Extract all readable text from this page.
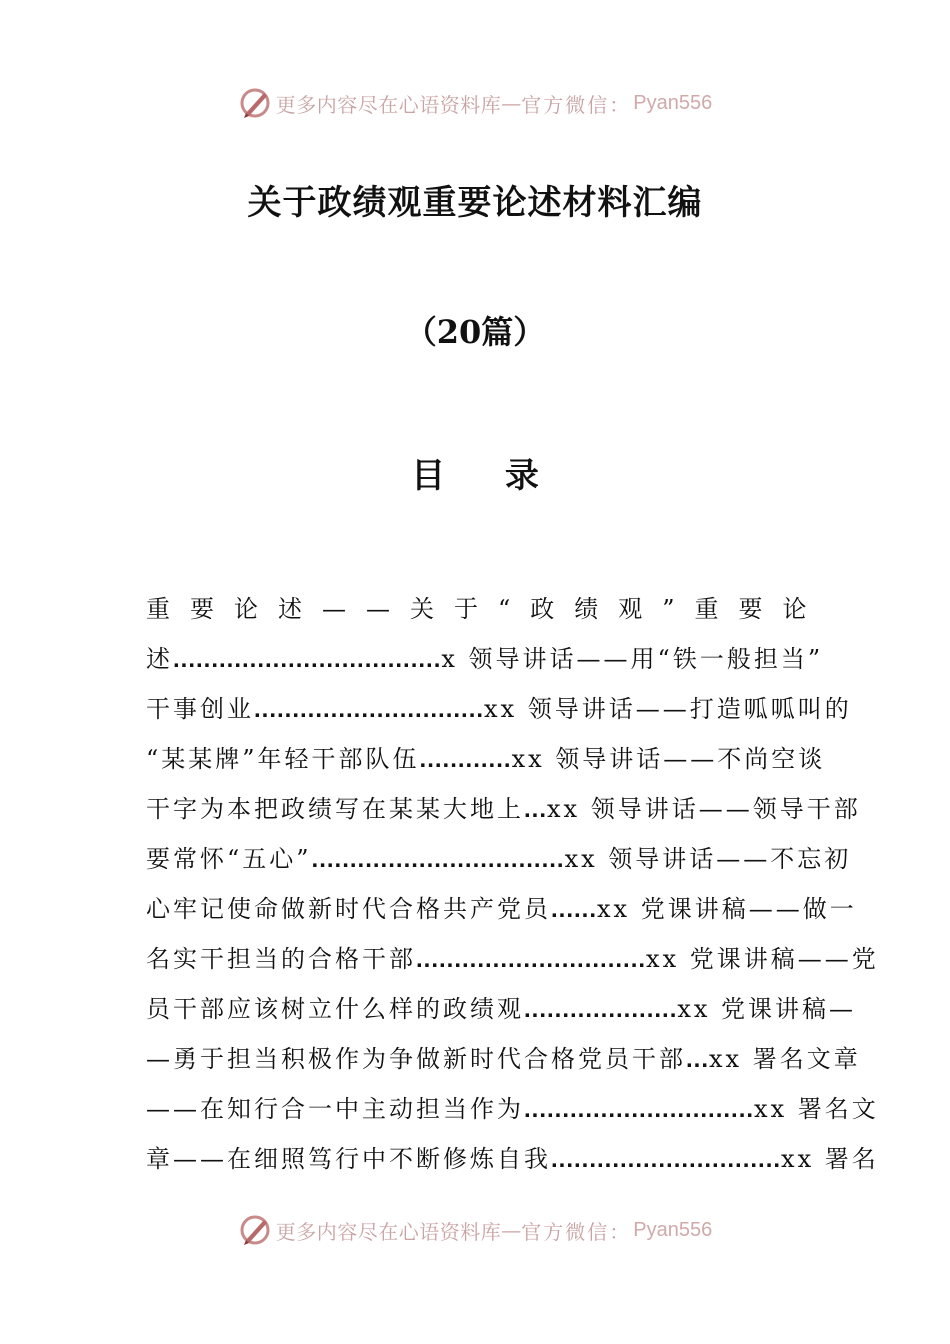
更多内容尽在心语资料库 — 官方微信： Pyan556
关于政绩观重要论述材料汇编
（20篇）
目 录
重要论述——关于“政绩观”重要论
述...................................x 领导讲话——用“铁一般担当”
干事创业..............................xx 领导讲话——打造呱呱叫的
“某某牌”年轻干部队伍............xx 领导讲话——不尚空谈
干字为本把政绩写在某某大地上...xx 领导讲话——领导干部
要常怀“五心”.................................xx 领导讲话——不忘初
心牢记使命做新时代合格共产党员......xx 党课讲稿——做一
名实干担当的合格干部..............................xx 党课讲稿——党
员干部应该树立什么样的政绩观....................xx 党课讲稿—
—勇于担当积极作为争做新时代合格党员干部...xx 署名文章
——在知行合一中主动担当作为..............................xx 署名文
章——在细照笃行中不断修炼自我..............................xx 署名
更多内容尽在心语资料库 — 官方微信： Pyan556
